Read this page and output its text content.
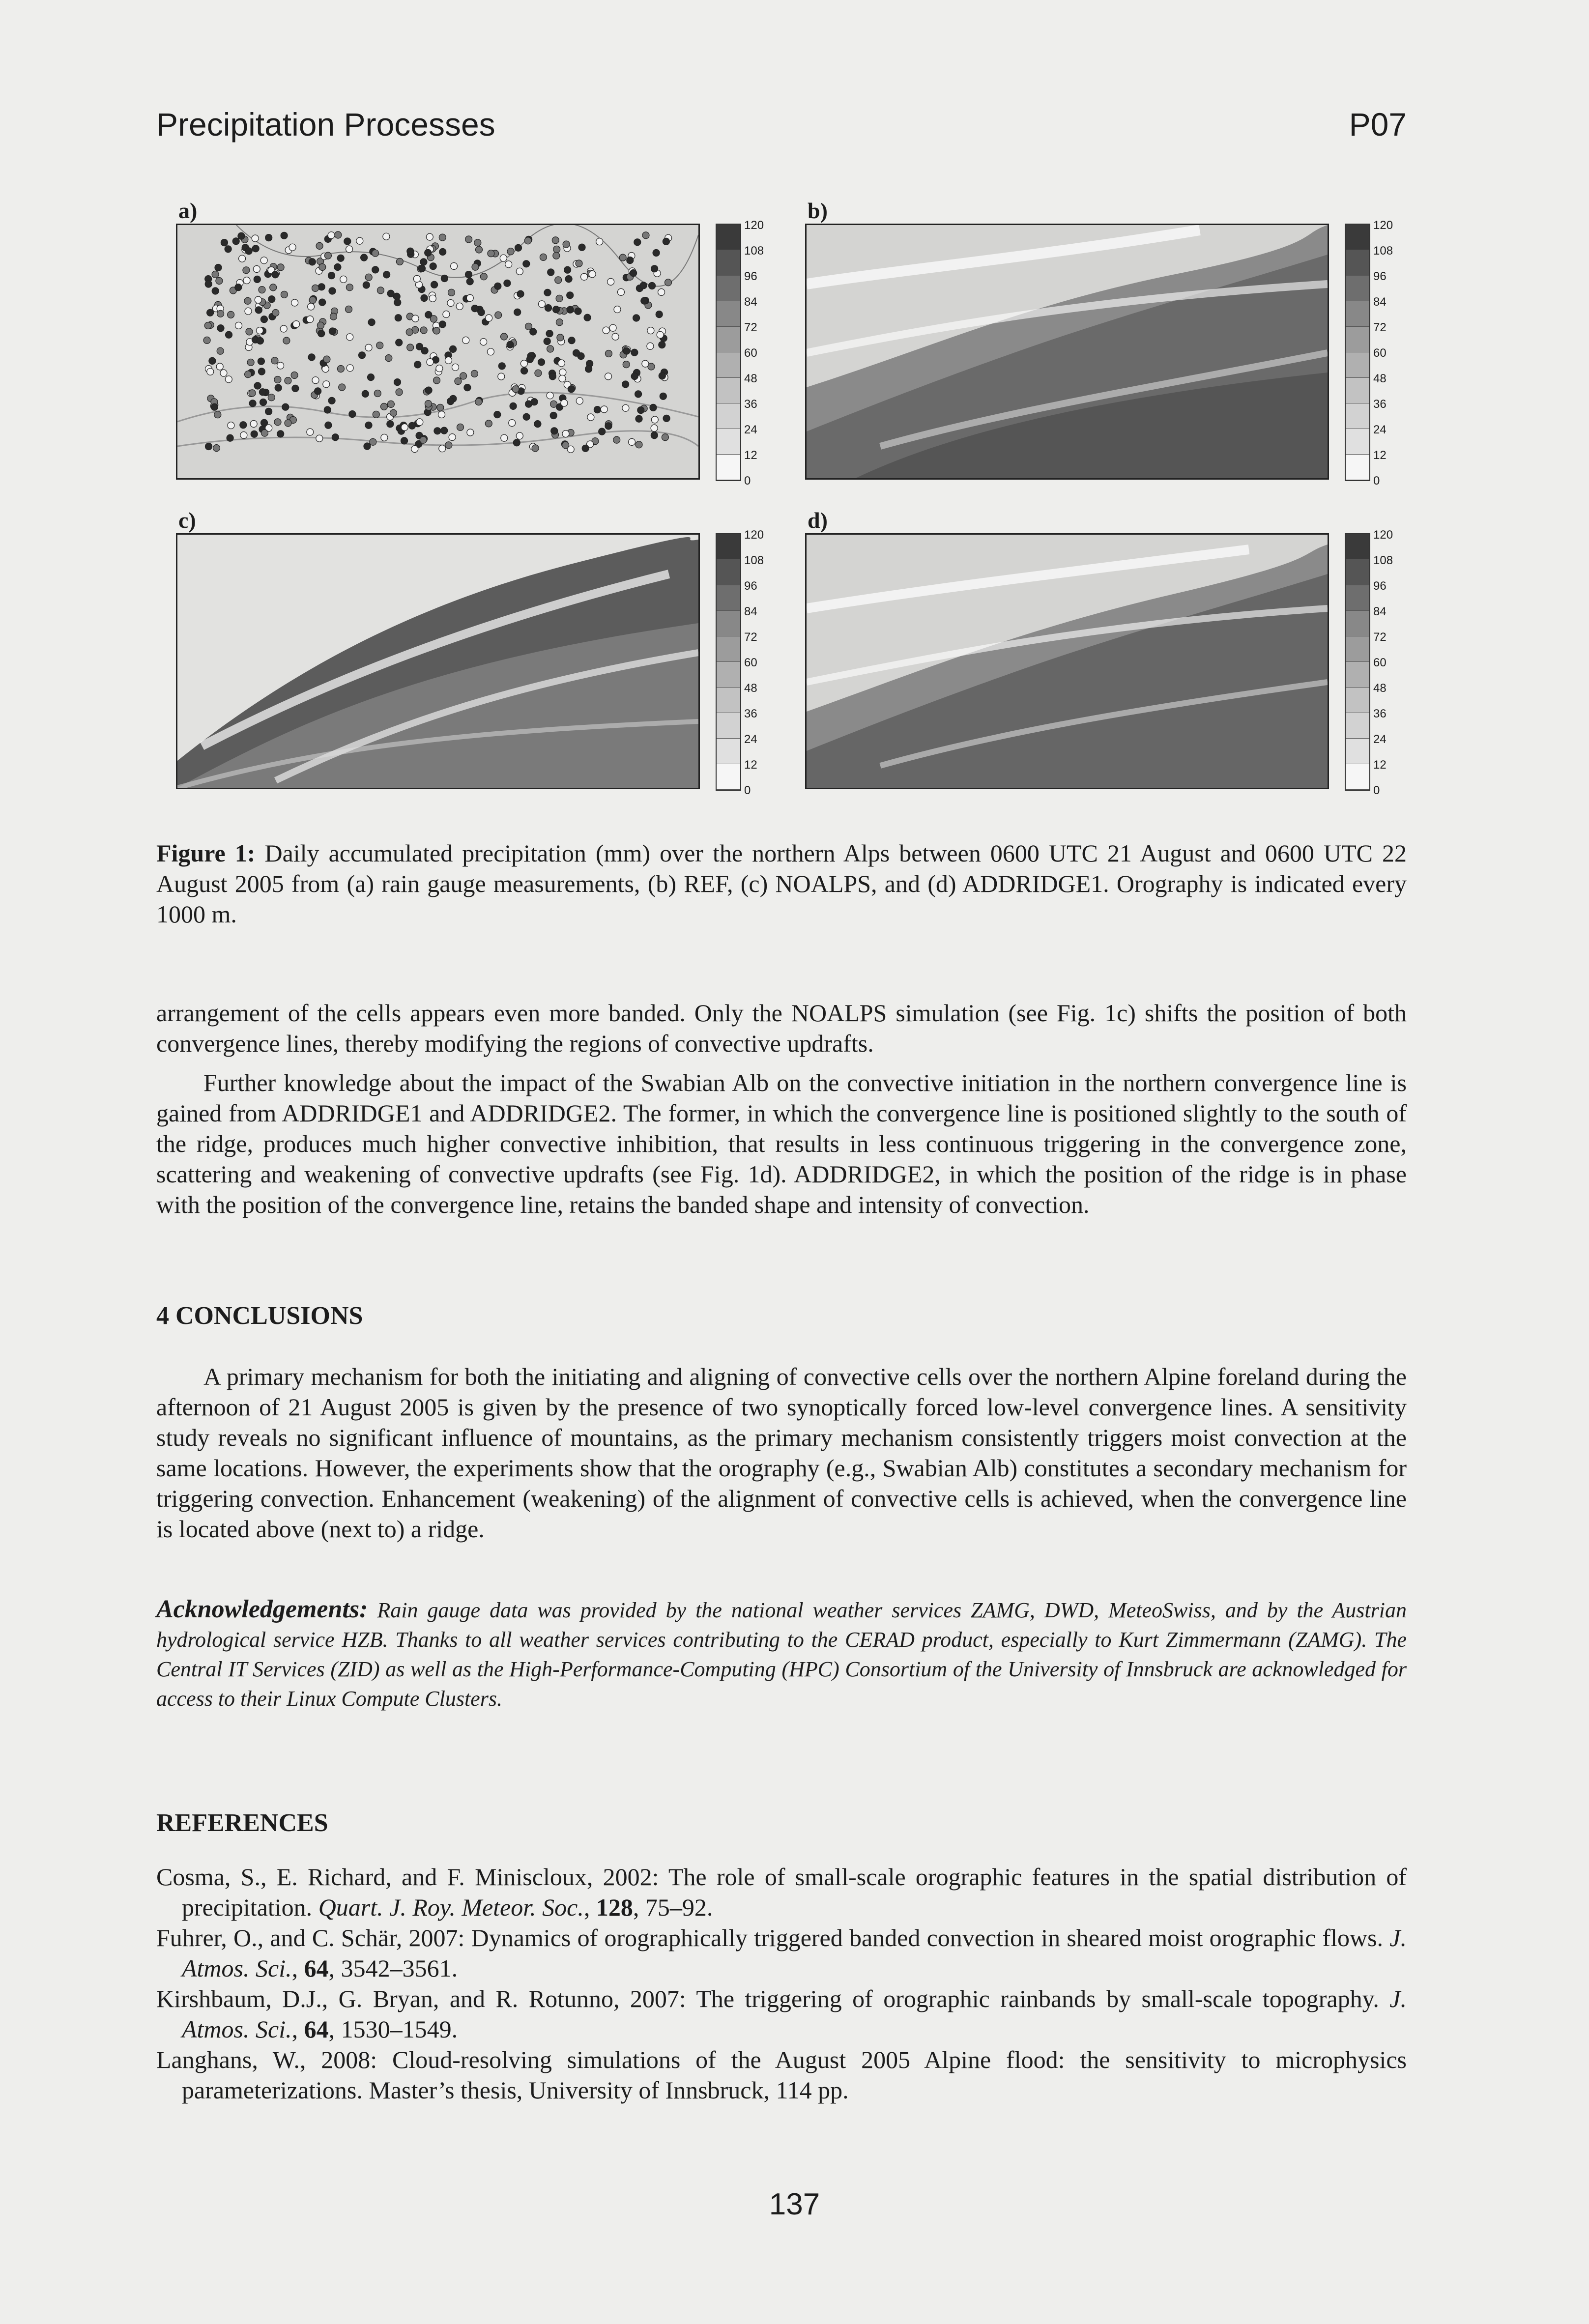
Precipitation Processes	P07
a)
120
108
96
84
72
60
48
36
24
12
0
b)
120
108
96
84
72
60
48
36
24
12
0
c)
120
108
96
84
72
60
48
36
24
12
0
d)
120
108
96
84
72
60
48
36
24
12
0
Figure 1: Daily accumulated precipitation (mm) over the northern Alps between 0600 UTC 21 August and 0600 UTC 22 August 2005 from (a) rain gauge measurements, (b) REF, (c) NOALPS, and (d) ADDRIDGE1. Orography is indicated every 1000 m.

arrangement of the cells appears even more banded. Only the NOALPS simulation (see Fig. 1c) shifts the position of both convergence lines, thereby modifying the regions of convective updrafts.

Further knowledge about the impact of the Swabian Alb on the convective initiation in the northern convergence line is gained from ADDRIDGE1 and ADDRIDGE2. The former, in which the convergence line is positioned slightly to the south of the ridge, produces much higher convective inhibition, that results in less continuous triggering in the convergence zone, scattering and weakening of convective updrafts (see Fig. 1d). ADDRIDGE2, in which the position of the ridge is in phase with the position of the convergence line, retains the banded shape and intensity of convection.

4 CONCLUSIONS

A primary mechanism for both the initiating and aligning of convective cells over the northern Alpine foreland during the afternoon of 21 August 2005 is given by the presence of two synoptically forced low-level convergence lines. A sensitivity study reveals no significant influence of mountains, as the primary mechanism consistently triggers moist convection at the same locations. However, the experiments show that the orography (e.g., Swabian Alb) constitutes a secondary mechanism for triggering convection. Enhancement (weakening) of the alignment of convective cells is achieved, when the convergence line is located above (next to) a ridge.

Acknowledgements: Rain gauge data was provided by the national weather services ZAMG, DWD, MeteoSwiss, and by the Austrian hydrological service HZB. Thanks to all weather services contributing to the CERAD product, especially to Kurt Zimmermann (ZAMG). The Central IT Services (ZID) as well as the High-Performance-Computing (HPC) Consortium of the University of Innsbruck are acknowledged for access to their Linux Compute Clusters.
REFERENCES
Cosma, S., E. Richard, and F. Miniscloux, 2002: The role of small-scale orographic features in the spatial distribution of precipitation. Quart. J. Roy. Meteor. Soc., 128, 75–92.
Fuhrer, O., and C. Schär, 2007: Dynamics of orographically triggered banded convection in sheared moist orographic flows. J. Atmos. Sci., 64, 3542–3561.
Kirshbaum, D.J., G. Bryan, and R. Rotunno, 2007: The triggering of orographic rainbands by small-scale topography. J. Atmos. Sci., 64, 1530–1549.
Langhans, W., 2008: Cloud-resolving simulations of the August 2005 Alpine flood: the sensitivity to microphysics parameterizations. Master’s thesis, University of Innsbruck, 114 pp.
137
